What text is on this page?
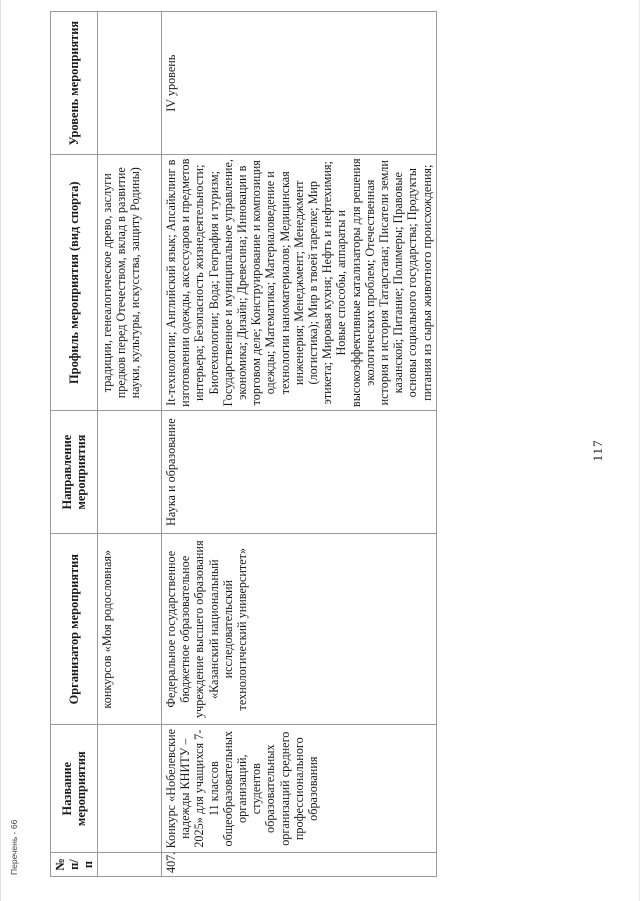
117
№ п/п	Название мероприятия	Организатор мероприятия	Направление мероприятия	Профиль мероприятия (вид спорта)	Уровень мероприятия
		конкурсов «Моя родословная»		традиции, генеалогическое древо, заслуги предков перед Отечеством, вклад в развитие науки, культуры, искусства, защиту Родины)	
407.	Конкурс «Нобелевские надежды КНИТУ – 2025» для учащихся 7-11 классов общеобразовательных организаций, студентов образовательных организаций среднего профессионального образования	Федеральное государственное бюджетное образовательное учреждение высшего образования «Казанский национальный исследовательский технологический университет»	Наука и образование	It-технологии; Английский язык; Апсайклинг в изготовлении одежды, аксессуаров и предметов интерьера; Безопасность жизнедеятельности; Биотехнологии; Вода; География и туризм; Государственное и муниципальное управление, экономика; Дизайн; Древесина; Инновации в торговом деле; Конструирование и композиция одежды; Математика; Материаловедение и технологии наноматериалов; Медицинская инженерия; Менеджмент; Менеджмент (логистика); Мир в твоей тарелке; Мир этикета; Мировая кухня; Нефть и нефтехимия; Новые способы, аппараты и высокоэффективные катализаторы для решения экологических проблем; Отечественная история и история Татарстана; Писатели земли казанской; Питание; Полимеры; Правовые основы социального государства; Продукты питания из сырья животного происхождения;	IV уровень
Перечень - 66
